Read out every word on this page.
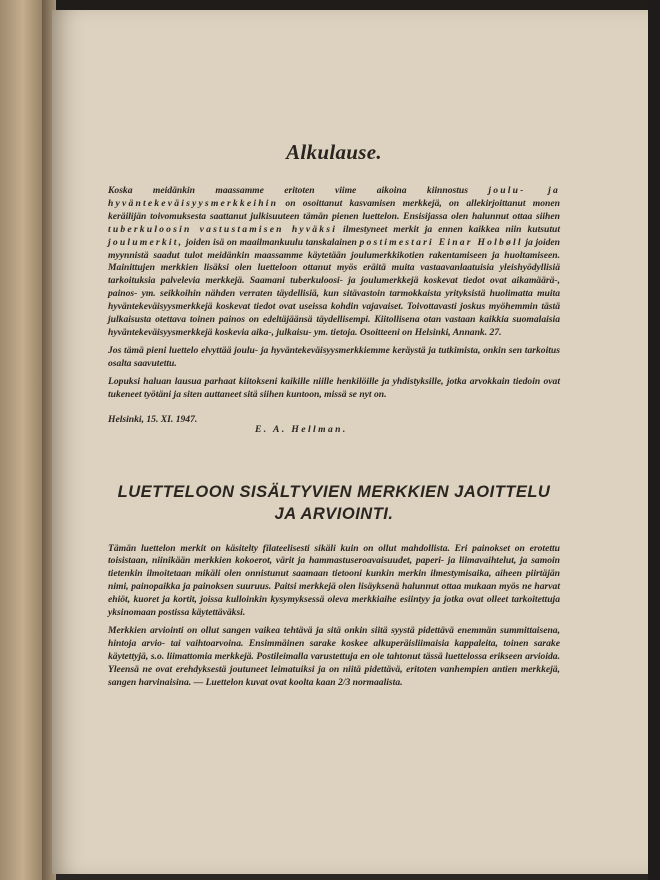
Alkulause.

Koska meidänkin maassamme eritoten viime aikoina kiinnostus joulu- ja hyväntekeväisyysmerkkeihin on osoittanut kasvamisen merkkejä, on allekirjoittanut monen keräilijän toivomuksesta saattanut julkisuuteen tämän pienen luettelon. Ensisijassa olen halunnut ottaa siihen tuberkuloosin vastustamisen hyväksi ilmestyneet merkit ja ennen kaikkea niin kutsutut joulumerkit, joiden isä on maailmankuulu tanskalainen postimestari Einar Holbøll ja joiden myynnistä saadut tulot meidänkin maassamme käytetään joulumerkkikotien rakentamiseen ja huoltamiseen. Mainittujen merkkien lisäksi olen luetteloon ottanut myös eräitä muita vastaavanlaatuisia yleishyödyllisiä tarkoituksia palvelevia merkkejä. Saamani tuberkuloosi- ja joulumerkkejä koskevat tiedot ovat aikamäärä-, painos- ym. seikkoihin nähden verraten täydellisiä, kun sitävastoin tarmokkaista yrityksistä huolimatta muita hyväntekeväisyysmerkkejä koskevat tiedot ovat useissa kohdin vajavaiset. Toivottavasti joskus myöhemmin tästä julkaisusta otettava toinen painos on edeltäjäänsä täydellisempi. Kiitollisena otan vastaan kaikkia suomalaisia hyväntekeväisyysmerkkejä koskevia aika-, julkaisu- ym. tietoja. Osoitteeni on Helsinki, Annank. 27.

Jos tämä pieni luettelo elvyttää joulu- ja hyväntekeväisyysmerkkiemme keräystä ja tutkimista, onkin sen tarkoitus osalta saavutettu.

Lopuksi haluan lausua parhaat kiitokseni kaikille niille henkilöille ja yhdistyksille, jotka arvokkain tiedoin ovat tukeneet työtäni ja siten auttaneet sitä siihen kuntoon, missä se nyt on.

Helsinki, 15. XI. 1947.
E. A. Hellman.
LUETTELOON SISÄLTYVIEN MERKKIEN JAOITTELU
JA ARVIOINTI.

Tämän luettelon merkit on käsitelty filateelisesti sikäli kuin on ollut mahdollista. Eri painokset on erotettu toisistaan, niinikään merkkien kokoerot, värit ja hammastuseroavaisuudet, paperi- ja liimavaihtelut, ja samoin tietenkin ilmoitetaan mikäli olen onnistunut saamaan tietooni kunkin merkin ilmestymisaika, aiheen piirtäjän nimi, painopaikka ja painoksen suuruus. Paitsi merkkejä olen lisäyksenä halunnut ottaa mukaan myös ne harvat ehiöt, kuoret ja kortit, joissa kulloinkin kysymyksessä oleva merkkiaihe esiintyy ja jotka ovat olleet tarkoitettuja yksinomaan postissa käytettäväksi.

Merkkien arviointi on ollut sangen vaikea tehtävä ja sitä onkin siitä syystä pidettävä enemmän summittaisena, hintoja arvio- tai vaihtoarvoina. Ensimmäinen sarake koskee alkuperäisliimaisia kappaleita, toinen sarake käytettyjä, s.o. liimattomia merkkejä. Postileimalla varustettuja en ole tahtonut tässä luettelossa erikseen arvioida. Yleensä ne ovat erehdyksestä joutuneet leimatuiksi ja on niitä pidettävä, eritoten vanhempien antien merkkejä, sangen harvinaisina. — Luettelon kuvat ovat koolta kaan 2/3 normaalista.
